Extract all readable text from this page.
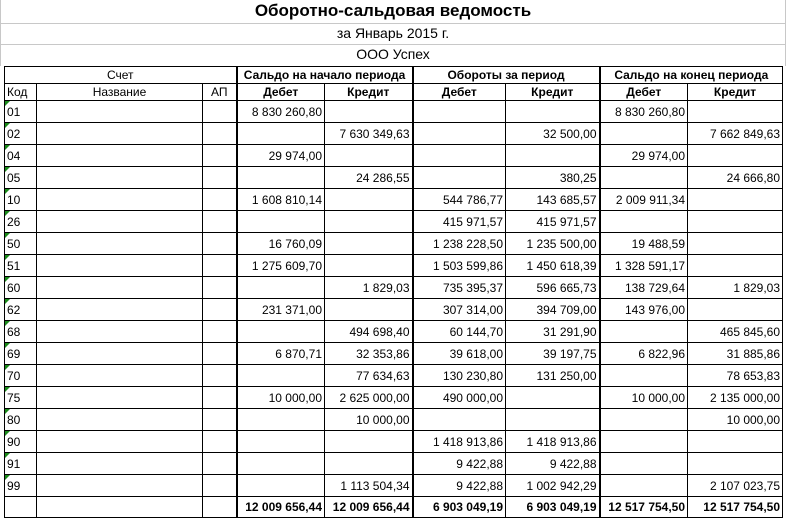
Оборотно-сальдовая ведомость
за Январь 2015 г.
ООО Успех
Счет			Сальдо на начало периода		Обороты за период		Сальдо на конец периода	
Код	Название	АП	Дебет	Кредит	Дебет	Кредит	Дебет	Кредит
01			8 830 260,80				8 830 260,80	
02				7 630 349,63		32 500,00		7 662 849,63
04			29 974,00				29 974,00	
05				24 286,55		380,25		24 666,80
10			1 608 810,14		544 786,77	143 685,57	2 009 911,34	
26					415 971,57	415 971,57		
50			16 760,09		1 238 228,50	1 235 500,00	19 488,59	
51			1 275 609,70		1 503 599,86	1 450 618,39	1 328 591,17	
60				1 829,03	735 395,37	596 665,73	138 729,64	1 829,03
62			231 371,00		307 314,00	394 709,00	143 976,00	
68				494 698,40	60 144,70	31 291,90		465 845,60
69			6 870,71	32 353,86	39 618,00	39 197,75	6 822,96	31 885,86
70				77 634,63	130 230,80	131 250,00		78 653,83
75			10 000,00	2 625 000,00	490 000,00		10 000,00	2 135 000,00
80				10 000,00				10 000,00
90					1 418 913,86	1 418 913,86		
91					9 422,88	9 422,88		
99				1 113 504,34	9 422,88	1 002 942,29		2 107 023,75
			12 009 656,44	12 009 656,44	6 903 049,19	6 903 049,19	12 517 754,50	12 517 754,50
